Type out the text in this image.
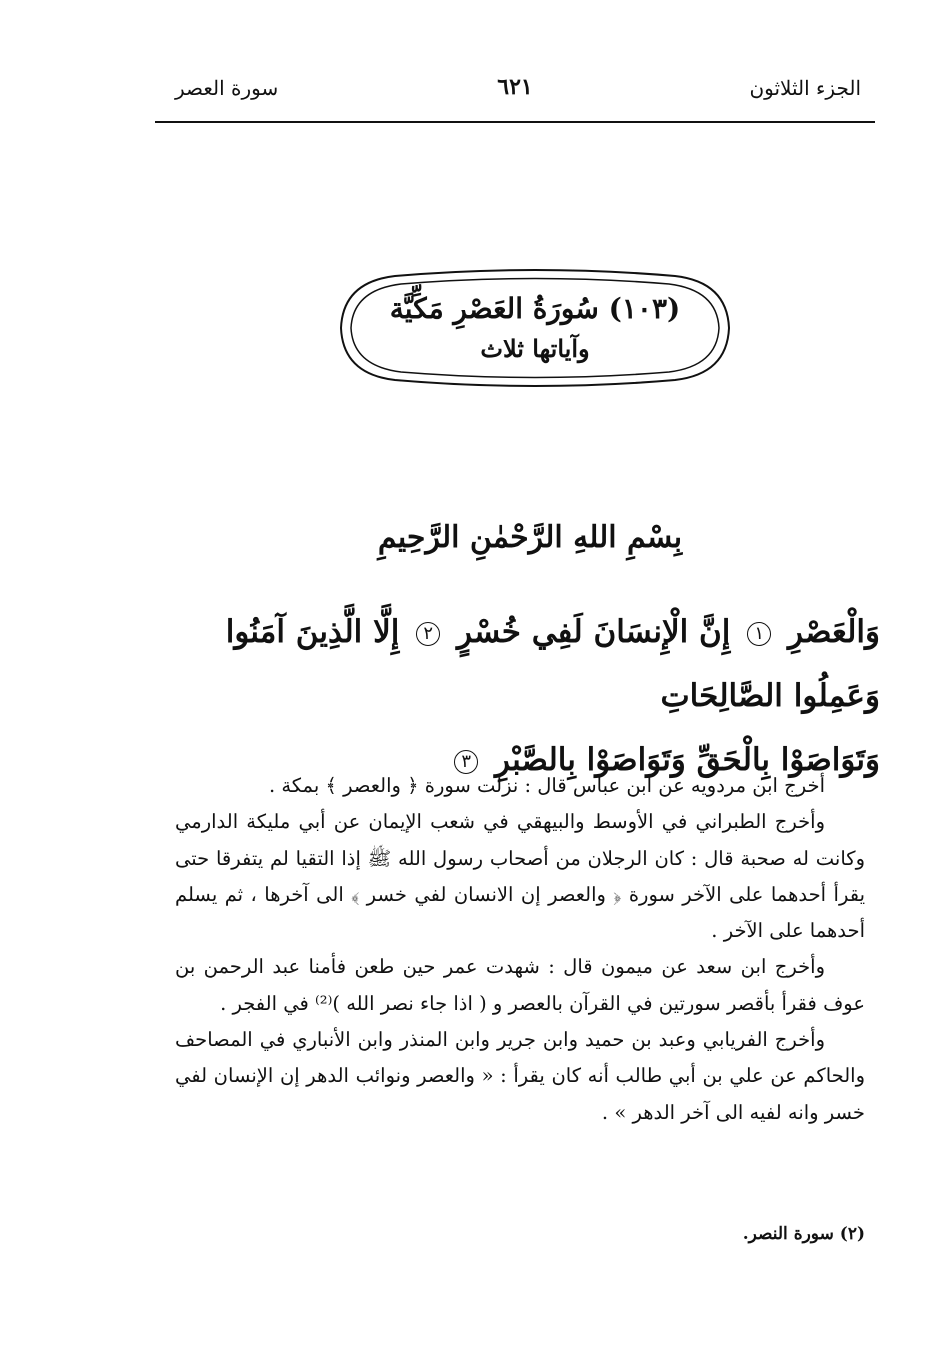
الجزء الثلاثون
٦٢١
سورة العصر
(١٠٣) سُورَةُ العَصْرِ مَكِّيَّة
وآياتها ثلاث
بِسْمِ اللهِ الرَّحْمٰنِ الرَّحِيمِ
وَالْعَصْرِ ١ إِنَّ الْإِنسَانَ لَفِي خُسْرٍ ٢ إِلَّا الَّذِينَ آمَنُوا وَعَمِلُوا الصَّالِحَاتِ
وَتَوَاصَوْا بِالْحَقِّ وَتَوَاصَوْا بِالصَّبْرِ ٣

أخرج ابن مردويه عن ابن عباس قال : نزلت سورة ﴿ والعصر ﴾ بمكة .

وأخرج الطبراني في الأوسط والبيهقي في شعب الإيمان عن أبي مليكة الدارمي وكانت له صحبة قال : كان الرجلان من أصحاب رسول الله ﷺ إذا التقيا لم يتفرقا حتى يقرأ أحدهما على الآخر سورة ﴿ والعصر إن الانسان لفي خسر ﴾ الى آخرها ، ثم يسلم أحدهما على الآخر .

وأخرج ابن سعد عن ميمون قال : شهدت عمر حين طعن فأمنا عبد الرحمن بن عوف فقرأ بأقصر سورتين في القرآن بالعصر و ( اذا جاء نصر الله )⁽²⁾ في الفجر .

وأخرج الفريابي وعبد بن حميد وابن جرير وابن المنذر وابن الأنباري في المصاحف والحاكم عن علي بن أبي طالب أنه كان يقرأ : « والعصر ونوائب الدهر إن الإنسان لفي خسر وانه لفيه الى آخر الدهر » .

(٢) سورة النصر.
